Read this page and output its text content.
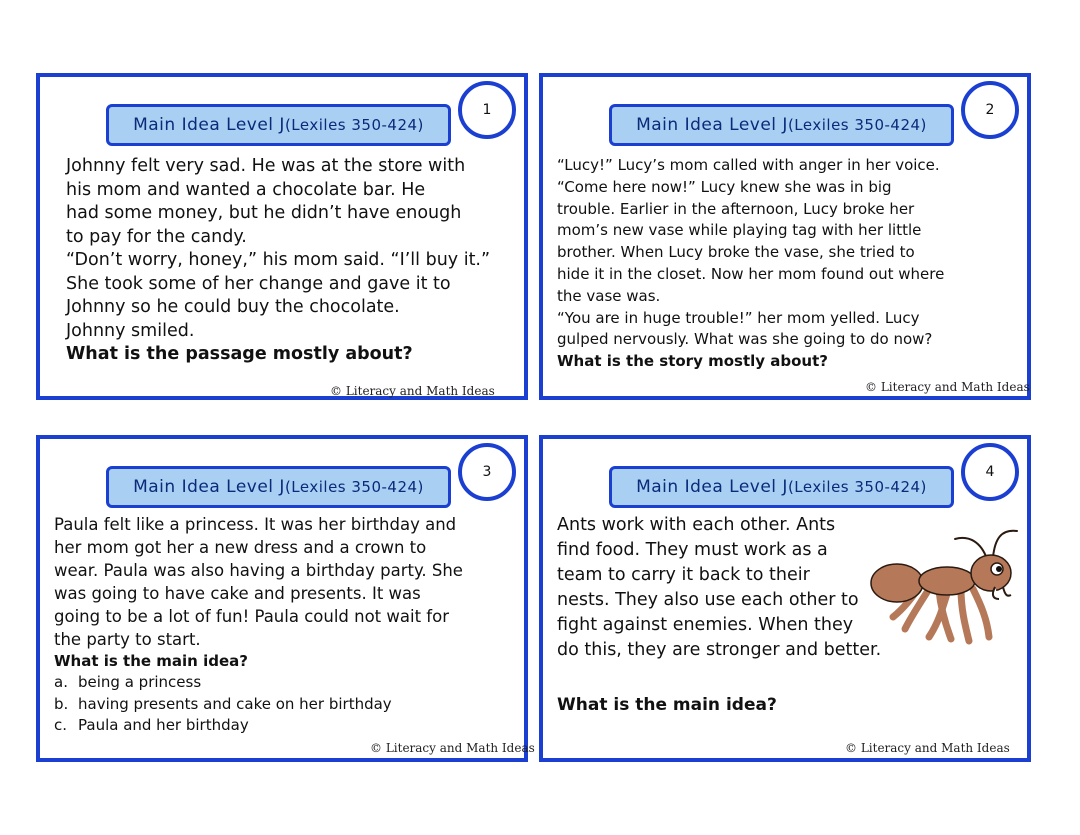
Main Idea Level J (Lexiles 350-424)
1
Johnny felt very sad. He was at the store with
his mom and wanted a chocolate bar. He
had some money, but he didn’t have enough
to pay for the candy.
“Don’t worry, honey,” his mom said. “I’ll buy it.”
She took some of her change and gave it to
Johnny so he could buy the chocolate.
Johnny smiled.
What is the passage mostly about?
© Literacy and Math Ideas
Main Idea Level J (Lexiles 350-424)
2
“Lucy!” Lucy’s mom called with anger in her voice.
“Come here now!” Lucy knew she was in big
trouble. Earlier in the afternoon, Lucy broke her
mom’s new vase while playing tag with her little
brother. When Lucy broke the vase, she tried to
hide it in the closet. Now her mom found out where
the vase was.
“You are in huge trouble!” her mom yelled. Lucy
gulped nervously. What was she going to do now?
What is the story mostly about?
© Literacy and Math Ideas
Main Idea Level J (Lexiles 350-424)
3
Paula felt like a princess. It was her birthday and
her mom got her a new dress and a crown to
wear. Paula was also having a birthday party. She
was going to have cake and presents. It was
going to be a lot of fun! Paula could not wait for
the party to start.
What is the main idea?
a. being a princess
b. having presents and cake on her birthday
c. Paula and her birthday
© Literacy and Math Ideas
Main Idea Level J (Lexiles 350-424)
4
Ants work with each other. Ants
find food. They must work as a
team to carry it back to their
nests. They also use each other to
fight against enemies. When they
do this, they are stronger and better.
What is the main idea?
© Literacy and Math Ideas
